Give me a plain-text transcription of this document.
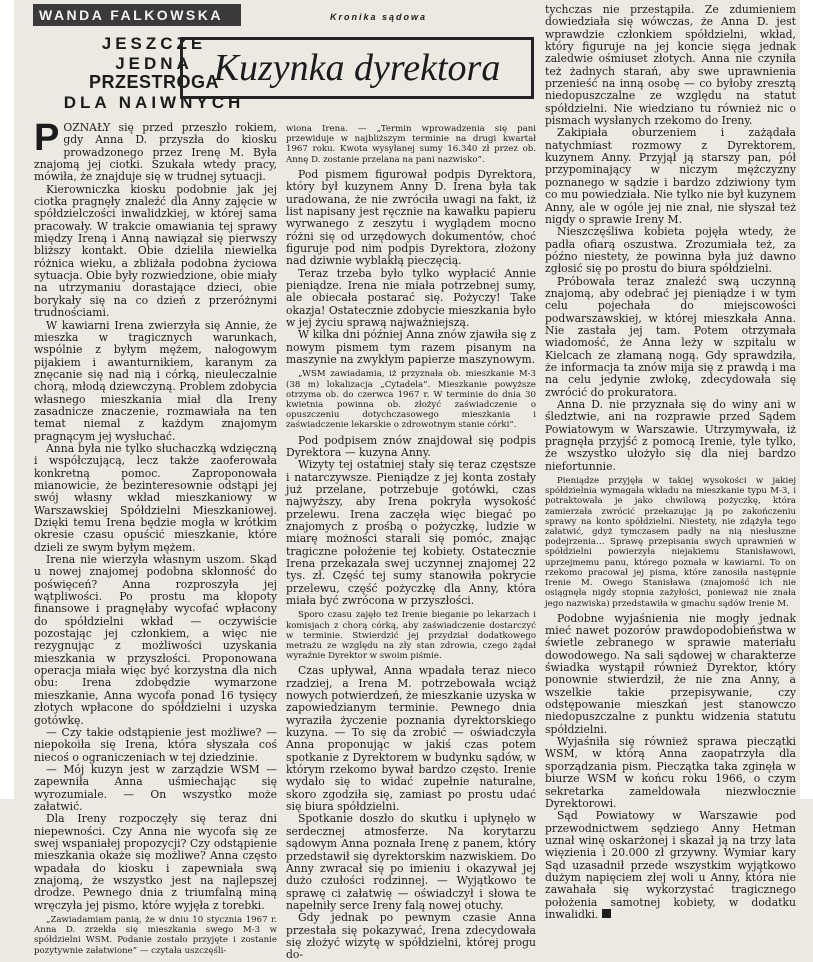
WANDA FALKOWSKA	Kronika sądowa
JESZCZE
JEDNA
PRZESTROGA
DLA NAIWNYCH
Kuzynka dyrektora

POZNAŁY się przed przeszło rokiem, gdy Anna D. przyszła do kiosku prowadzonego przez Irenę M. Była znajomą jej ciotki. Szukała wtedy pracy, mówiła, że znajduje się w trudnej sytuacji.

Kierowniczka kiosku podobnie jak jej ciotka pragnęły znaleźć dla Anny zajęcie w spółdzielczości inwalidzkiej, w której sama pracowały. W trakcie omawiania tej sprawy między Ireną i Anną nawiązał się pierwszy bliższy kontakt. Obie dzieliła niewielka różnica wieku, a zbliżała podobna życiowa sytuacja. Obie były rozwiedzione, obie miały na utrzymaniu dorastające dzieci, obie borykały się na co dzień z przeróżnymi trudnościami.

W kawiarni Irena zwierzyła się Annie, że mieszka w tragicznych warunkach, wspólnie z byłym mężem, nałogowym pijakiem i awanturnikiem, karanym za znęcanie się nad nią i córką, nieuleczalnie chorą, młodą dziewczyną. Problem zdobycia własnego mieszkania miał dla Ireny zasadnicze znaczenie, rozmawiała na ten temat niemal z każdym znajomym pragnącym jej wysłuchać.

Anna była nie tylko słuchaczką wdzięczną i współczującą, lecz także zaoferowała konkretną pomoc. Zaproponowała mianowicie, że bezinteresownie odstąpi jej swój własny wkład mieszkaniowy w Warszawskiej Spółdzielni Mieszkaniowej. Dzięki temu Irena będzie mogła w krótkim okresie czasu opuścić mieszkanie, które dzieli ze swym byłym mężem.

Irena nie wierzyła własnym uszom. Skąd u nowej znajomej podobna skłonność do poświęceń? Anna rozproszyła jej wątpliwości. Po prostu ma kłopoty finansowe i pragnęłaby wycofać wpłacony do spółdzielni wkład — oczywiście pozostając jej członkiem, a więc nie rezygnując z możliwości uzyskania mieszkania w przyszłości. Proponowana operacja miała więc być korzystna dla nich obu: Irena zdobędzie wymarzone mieszkanie, Anna wycofa ponad 16 tysięcy złotych wpłacone do spółdzielni i uzyska gotówkę.

— Czy takie odstąpienie jest możliwe? — niepokoiła się Irena, która słyszała coś niecoś o ograniczeniach w tej dziedzinie.

— Mój kuzyn jest w zarządzie WSM — zapewniła Anna uśmiechając się wyrozumiale. — On wszystko może załatwić.

Dla Ireny rozpoczęły się teraz dni niepewności. Czy Anna nie wycofa się ze swej wspaniałej propozycji? Czy odstąpienie mieszkania okaże się możliwe? Anna często wpadała do kiosku i zapewniała swą znajomą, że wszystko jest na najlepszej drodze. Pewnego dnia z triumfalną miną wręczyła jej pismo, które wyjęła z torebki.

„Zawiadamiam panią, że w dniu 10 stycznia 1967 r. Anna D. zrzekła się mieszkania swego M-3 w spółdzielni WSM. Podanie zostało przyjęte i zostanie pozytywnie załatwione” — czytała uszczęśli-

wiona Irena. — „Termin wprowadzenia się pani przewiduje w najbliższym terminie na drugi kwartał 1967 roku. Kwota wysyłanej sumy 16.340 zł przez ob. Annę D. zostanie przelana na pani nazwisko”.

Pod pismem figurował podpis Dyrektora, który był kuzynem Anny D. Irena była tak uradowana, że nie zwróciła uwagi na fakt, iż list napisany jest ręcznie na kawałku papieru wyrwanego z zeszytu i wyglądem mocno różni się od urzędowych dokumentów, choć figuruje pod nim podpis Dyrektora, złożony nad dziwnie wyblakłą pieczęcią.

Teraz trzeba było tylko wypłacić Annie pieniądze. Irena nie miała potrzebnej sumy, ale obiecała postarać się. Pożyczy! Take okazja! Ostatecznie zdobycie mieszkania było w jej życiu sprawą najważniejszą.

W kilka dni później Anna znów zjawiła się z nowym pismem tym razem pisanym na maszynie na zwykłym papierze maszynowym.

„WSM zawiadamia, iż przyznała ob. mieszkanie M-3 (38 m) lokalizacja „Cytadela”. Mieszkanie powyższe otrzyma ob. do czerwca 1967 r. W terminie do dnia 30 kwietnia powinna ob. złożyć zaświadczenie o opuszczeniu dotychczasowego mieszkania i zaświadczenie lekarskie o zdrowotnym stanie córki”.

Pod podpisem znów znajdował się podpis Dyrektora — kuzyna Anny.

Wizyty tej ostatniej stały się teraz częstsze i natarczywsze. Pieniądze z jej konta zostały już przelane, potrzebuje gotówki, czas najwyższy, aby Irena pokryła wysokość przelewu. Irena zaczęła więc biegać po znajomych z prośbą o pożyczkę, ludzie w miarę możności starali się pomóc, znając tragiczne położenie tej kobiety. Ostatecznie Irena przekazała swej uczynnej znajomej 22 tys. zł. Część tej sumy stanowiła pokrycie przelewu, część pożyczkę dla Anny, która miała być zwrócona w przyszłości.

Sporo czasu zajęło też Irenie bieganie po lekarzach i komisjach z chorą córką, aby zaświadczenie dostarczyć w terminie. Stwierdzić jej przydział dodatkowego metrażu ze względu na zły stan zdrowia, czego żądał wyraźnie Dyrektor w swoim piśmie.

Czas upływał, Anna wpadała teraz nieco rzadziej, a Irena M. potrzebowała wciąż nowych potwierdzeń, że mieszkanie uzyska w zapowiedzianym terminie. Pewnego dnia wyraziła życzenie poznania dyrektorskiego kuzyna. — To się da zrobić — oświadczyła Anna proponując w jakiś czas potem spotkanie z Dyrektorem w budynku sądów, w którym rzekomo bywał bardzo często. Irenie wydało się to widać zupełnie naturalne, skoro zgodziła się, zamiast po prostu udać się biura spółdzielni.

Spotkanie doszło do skutku i upłynęło w serdecznej atmosferze. Na korytarzu sądowym Anna poznała Irenę z panem, który przedstawił się dyrektorskim nazwiskiem. Do Anny zwracał się po imieniu i okazywał jej dużo czułości rodzinnej. — Wyjątkowo te sprawę ci załatwię — oświadczył i słowa te napełniły serce Ireny falą nowej otuchy.

Gdy jednak po pewnym czasie Anna przestała się pokazywać, Irena zdecydowała się złożyć wizytę w spółdzielni, której progu do-

tychczas nie przestąpiła. Ze zdumieniem dowiedziała się wówczas, że Anna D. jest wprawdzie członkiem spółdzielni, wkład, który figuruje na jej koncie sięga jednak zaledwie ośmiuset złotych. Anna nie czyniła też żadnych starań, aby swe uprawnienia przenieść na inną osobę — co byłoby zresztą niedopuszczalne ze względu na statut spółdzielni. Nie wiedziano tu również nic o pismach wysłanych rzekomo do Ireny.

Zakipiała oburzeniem i zażądała natychmiast rozmowy z Dyrektorem, kuzynem Anny. Przyjął ją starszy pan, pół przypominający w niczym mężczyzny poznanego w sądzie i bardzo zdziwiony tym co mu powiedziała. Nie tylko nie był kuzynem Anny, ale w ogóle jej nie znał, nie słyszał też nigdy o sprawie Ireny M.

Nieszczęśliwa kobieta pojęła wtedy, że padła ofiarą oszustwa. Zrozumiała też, za późno niestety, że powinna była już dawno zgłosić się po prostu do biura spółdzielni.

Próbowała teraz znaleźć swą uczynną znajomą, aby odebrać jej pieniądze i w tym celu pojechała do miejscowości podwarszawskiej, w której mieszkała Anna. Nie zastała jej tam. Potem otrzymała wiadomość, że Anna leży w szpitalu w Kielcach ze złamaną nogą. Gdy sprawdziła, że informacja ta znów mija się z prawdą i ma na celu jedynie zwłokę, zdecydowała się zwrócić do prokuratora.

Anna D. nie przyznała się do winy ani w śledztwie, ani na rozprawie przed Sądem Powiatowym w Warszawie. Utrzymywała, iż pragnęła przyjść z pomocą Irenie, tyle tylko, że wszystko ułożyło się dla niej bardzo niefortunnie.

Pieniądze przyjęła w takiej wysokości w jakiej spółdzielnia wymagała wkładu na mieszkanie typu M-3, i potraktowała je jako chwilową pożyczkę, która zamierzała zwrócić przekazując ją po zakończeniu sprawy na konto spółdzielni. Niestety, nie zdążyła tego załatwić, gdyż tymczasem padły na nią niesłuszne podejrzenia… Sprawę przepisania swych uprawnień w spółdzielni powierzyła niejakiemu Stanisławowi, uprzejmemu panu, którego poznała w kawiarni. To on rzekomo pracował jej pisma, które zanosiła następnie Irenie M. Owego Stanisława (znajomość ich nie osiągnęła nigdy stopnia zażyłości, ponieważ nie znała jego nazwiska) przedstawiła w gmachu sądów Irenie M.

Podobne wyjaśnienia nie mogły jednak mieć nawet pozorów prawdopodobieństwa w świetle zebranego w sprawie materiału dowodowego. Na sali sądowej w charakterze świadka wystąpił również Dyrektor, który ponownie stwierdził, że nie zna Anny, a wszelkie takie przepisywanie, czy odstępowanie mieszkań jest stanowczo niedopuszczalne z punktu widzenia statutu spółdzielni.

Wyjaśniła się również sprawa pieczątki WSM, w którą Anna zaopatrzyła dla sporządzania pism. Pieczątka taka zginęła w biurze WSM w końcu roku 1966, o czym sekretarka zameldowała niezwłocznie Dyrektorowi.

Sąd Powiatowy w Warszawie pod przewodnictwem sędziego Anny Hetman uznał winę oskarżonej i skazał ją na trzy lata więzienia i 20.000 zł grzywny. Wymiar kary Sąd uzasadnił przede wszystkim wyjątkowo dużym napięciem złej woli u Anny, która nie zawahała się wykorzystać tragicznego położenia samotnej kobiety, w dodatku inwalidki.
